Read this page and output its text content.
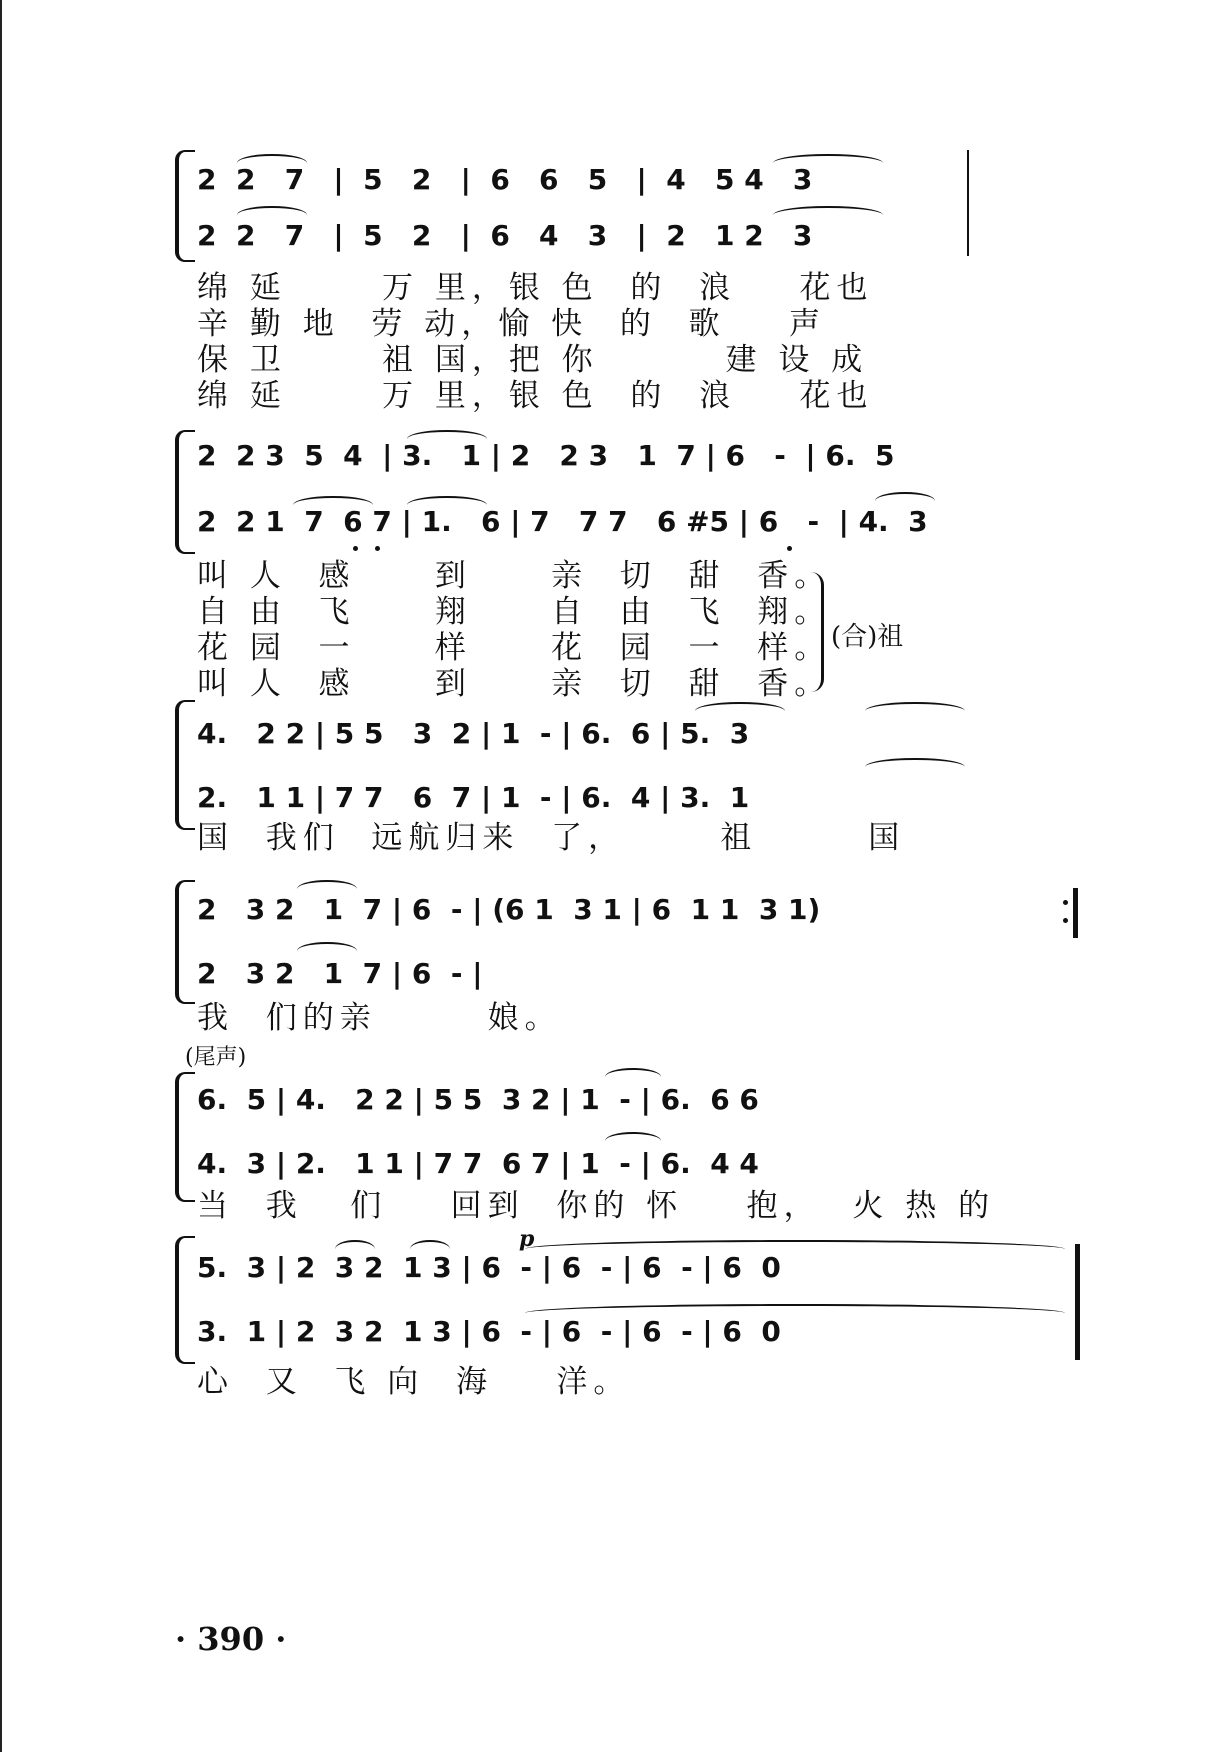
2  2   7   |  5   2   |  6   6   5   |  4   5 4   3
2  2   7   |  5   2   |  6   4   3   |  2   1 2   3
绵 延      万 里，银 色  的  浪    花也
辛 勤 地  劳 动，愉 快  的  歌    声
保 卫      祖 国，把 你        建 设 成
绵 延      万 里，银 色  的  浪    花也
2  2 3  5  4  | 3.   1 | 2   2 3   1  7 | 6   -  | 6.  5
2  2 1  7  6 7 | 1.   6 | 7   7 7   6 #5 | 6   -  | 4.  3
叫 人  感     到     亲  切  甜  香。
自 由  飞     翔     自  由  飞  翔。
花 园  一     样     花  园  一  样。
叫 人  感     到     亲  切  甜  香。
(合)祖
4.   2 2 | 5 5   3  2 | 1  - | 6.  6 | 5.  3
2.   1 1 | 7 7   6  7 | 1  - | 6.  4 | 3.  1
国  我们  远航归来  了，      祖       国
2   3 2   1  7 | 6  - | (6 1  3 1 | 6  1 1  3 1)
2   3 2   1  7 | 6  - |
我  们的亲       娘。
(尾声)
6.  5 | 4.   2 2 | 5 5  3 2 | 1  - | 6.  6 6
4.  3 | 2.   1 1 | 7 7  6 7 | 1  - | 6.  4 4
当  我   们    回到  你的 怀    抱，  火 热 的
p
5.  3 | 2  3 2  1 3 | 6  - | 6  - | 6  - | 6  0
3.  1 | 2  3 2  1 3 | 6  - | 6  - | 6  - | 6  0
心  又  飞 向  海    洋。
· 390 ·
